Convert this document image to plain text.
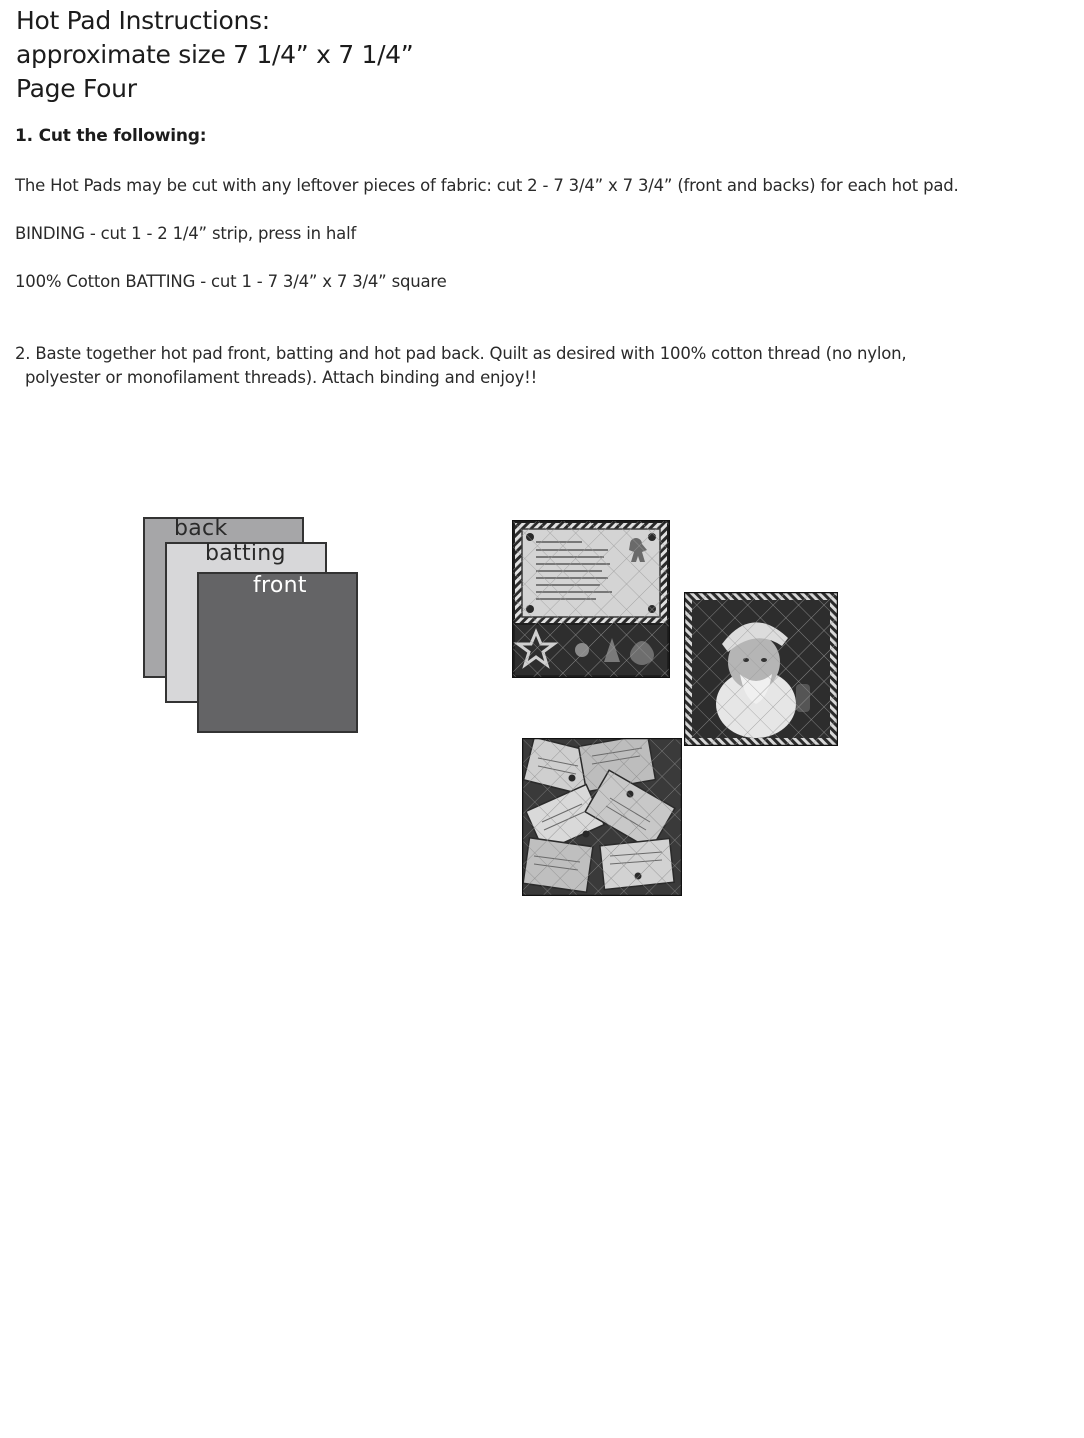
Hot Pad Instructions:
approximate size 7 1/4” x 7 1/4”
Page Four
1. Cut the following:
The Hot Pads may be cut with any leftover pieces of fabric: cut 2 - 7 3/4” x 7 3/4” (front and backs) for each hot pad.
BINDING - cut 1 - 2 1/4” strip, press in half
100% Cotton BATTING - cut 1 - 7 3/4” x 7 3/4” square
2. Baste together hot pad front, batting and hot pad back. Quilt as desired with 100% cotton thread (no nylon,
polyester or monofilament threads). Attach binding and enjoy!!
back
batting
front
